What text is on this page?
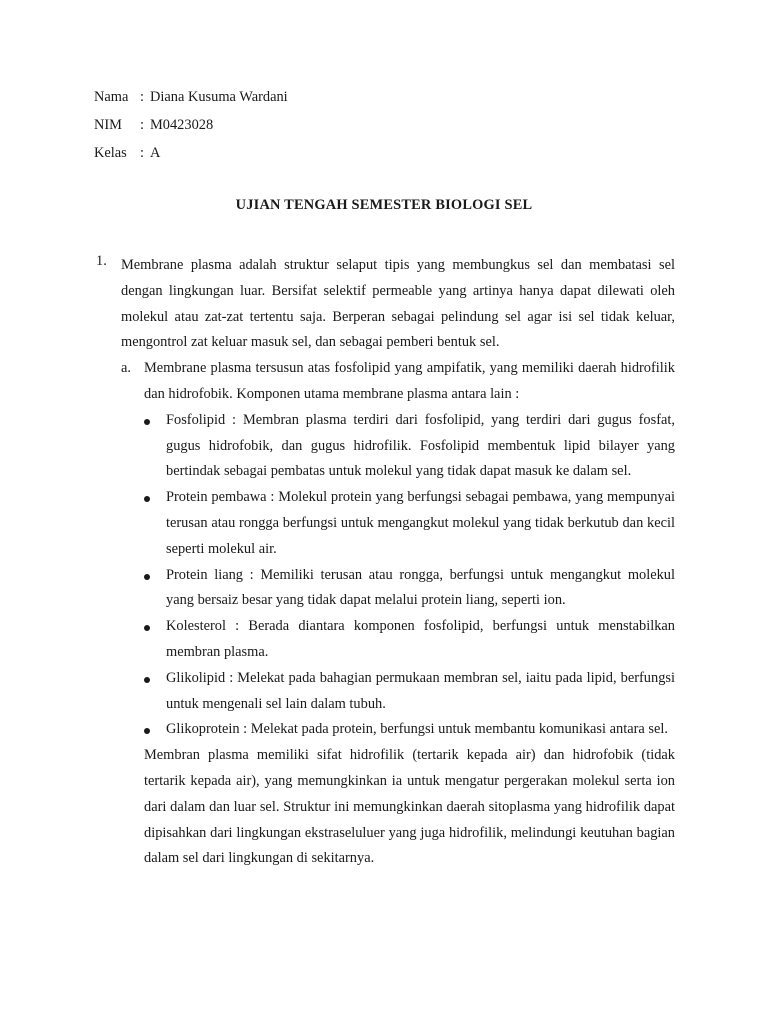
Nama : Diana Kusuma Wardani
NIM	: M0423028
Kelas : A
UJIAN TENGAH SEMESTER BIOLOGI SEL
1. Membrane plasma adalah struktur selaput tipis yang membungkus sel dan membatasi sel dengan lingkungan luar. Bersifat selektif permeable yang artinya hanya dapat dilewati oleh molekul atau zat-zat tertentu saja. Berperan sebagai pelindung sel agar isi sel tidak keluar, mengontrol zat keluar masuk sel, dan sebagai pemberi bentuk sel.
a. Membrane plasma tersusun atas fosfolipid yang ampifatik, yang memiliki daerah hidrofilik dan hidrofobik. Komponen utama membrane plasma antara lain :
Fosfolipid : Membran plasma terdiri dari fosfolipid, yang terdiri dari gugus fosfat, gugus hidrofobik, dan gugus hidrofilik. Fosfolipid membentuk lipid bilayer yang bertindak sebagai pembatas untuk molekul yang tidak dapat masuk ke dalam sel.
Protein pembawa : Molekul protein yang berfungsi sebagai pembawa, yang mempunyai terusan atau rongga berfungsi untuk mengangkut molekul yang tidak berkutub dan kecil seperti molekul air.
Protein liang : Memiliki terusan atau rongga, berfungsi untuk mengangkut molekul yang bersaiz besar yang tidak dapat melalui protein liang, seperti ion.
Kolesterol : Berada diantara komponen fosfolipid, berfungsi untuk menstabilkan membran plasma.
Glikolipid : Melekat pada bahagian permukaan membran sel, iaitu pada lipid, berfungsi untuk mengenali sel lain dalam tubuh.
Glikoprotein : Melekat pada protein, berfungsi untuk membantu komunikasi antara sel.
Membran plasma memiliki sifat hidrofilik (tertarik kepada air) dan hidrofobik (tidak tertarik kepada air), yang memungkinkan ia untuk mengatur pergerakan molekul serta ion dari dalam dan luar sel. Struktur ini memungkinkan daerah sitoplasma yang hidrofilik dapat dipisahkan dari lingkungan ekstraseluluer yang juga hidrofilik, melindungi keutuhan bagian dalam sel dari lingkungan di sekitarnya.
